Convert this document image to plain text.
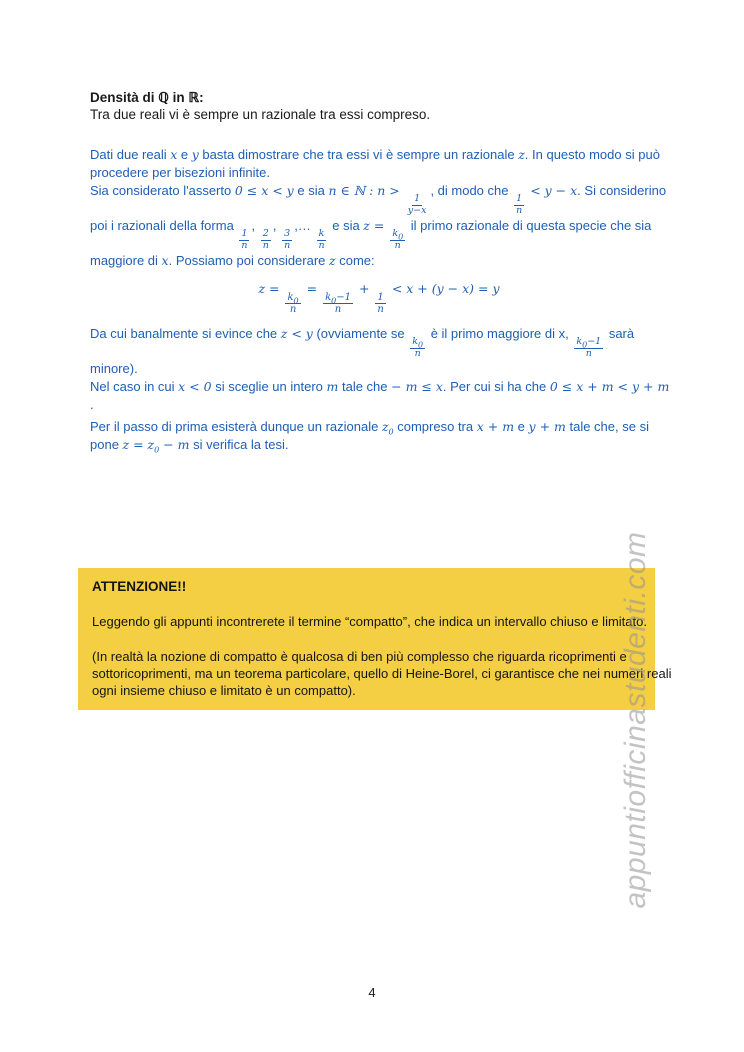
Densità di ℚ in ℝ:
Tra due reali vi è sempre un razionale tra essi compreso.

Dati due reali x e y basta dimostrare che tra essi vi è sempre un razionale z. In questo modo si può
procedere per bisezioni infinite.

Sia considerato l'asserto 0 ≤ x < y e sia n ∈ ℕ : n >
$\frac{1}{y-x}$
, di modo che
$\frac{1}{n}$
< y − x. Si considerino
poi i razionali della forma
$\frac{1}{n}$
,
$\frac{2}{n}$
,
$\frac{3}{n}$
,…
$\frac{k}{n}$
e sia z =
$\frac{k_0}{n}$
il primo razionale di questa specie che sia
maggiore di x. Possiamo poi considerare z come:

z =
$\frac{k_0}{n}$
=
$\frac{k_0-1}{n}$
+
$\frac{1}{n}$
< x + (y − x) = y

Da cui banalmente si evince che z < y (ovviamente se
$\frac{k_0}{n}$
è il primo maggiore di x,
$\frac{k_0-1}{n}$
sarà
minore).

Nel caso in cui x < 0 si sceglie un intero m tale che − m ≤ x. Per cui si ha che 0 ≤ x + m < y + m

.

Per il passo di prima esisterà dunque un razionale $z_0$ compreso tra x + m e y + m tale che, se si
pone $z = z_0 - m$ si verifica la tesi.

ATTENZIONE!!
Leggendo gli appunti incontrerete il termine “compatto”, che indica un intervallo chiuso e limitato.
(In realtà la nozione di compatto è qualcosa di ben più complesso che riguarda ricoprimenti e
sottoricoprimenti, ma un teorema particolare, quello di Heine-Borel, ci garantisce che nei numeri reali
ogni insieme chiuso e limitato è un compatto).	appuntiofficinastudenti.com
4
